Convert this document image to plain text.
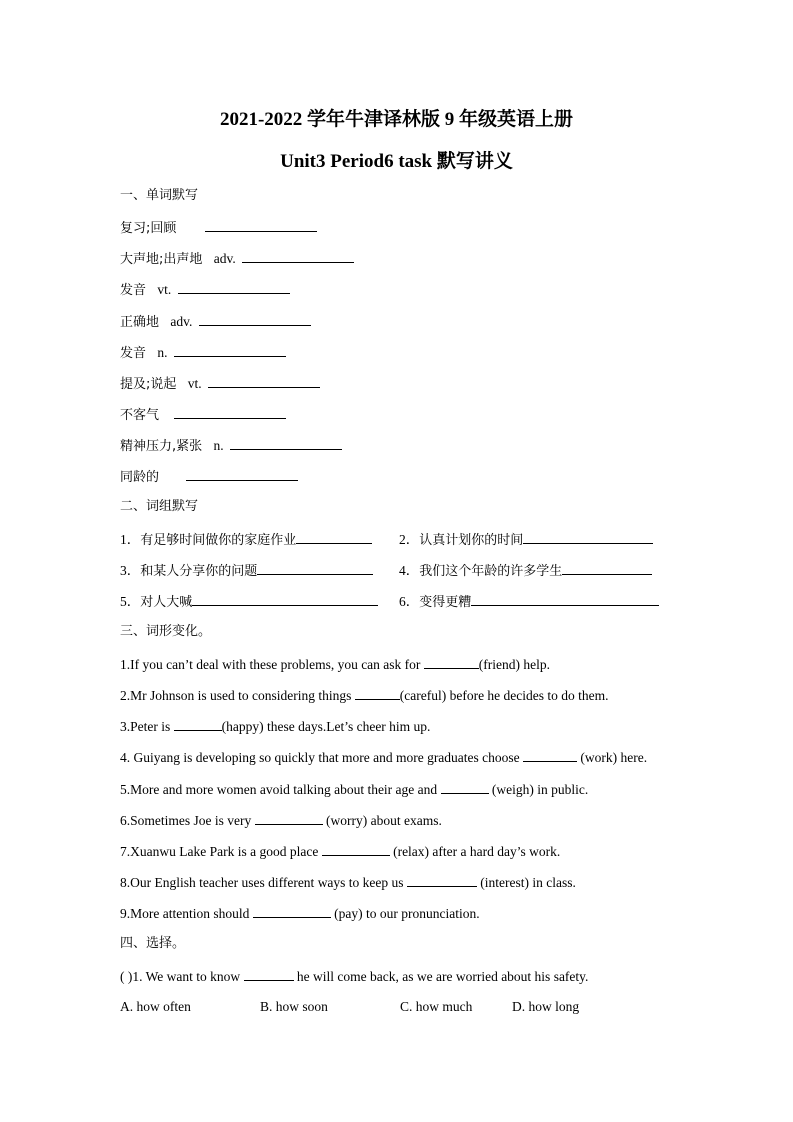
2021-2022 学年牛津译林版 9 年级英语上册
Unit3 Period6 task 默写讲义
一、单词默写
复习;回顾
大声地;出声地 adv.
发音 vt.
正确地 adv.
发音 n.
提及;说起 vt.
不客气
精神压力,紧张 n.
同龄的
二、词组默写
1．有足够时间做你的家庭作业	2．认真计划你的时间
3．和某人分享你的问题	4．我们这个年龄的许多学生
5．对人大喊	6．变得更糟
三、词形变化。
1.If you can’t deal with these problems, you can ask for	(friend) help.
2.Mr Johnson is used to considering things	(careful) before he decides to do them.
3.Peter is	(happy) these days.Let’s cheer him up.
4. Guiyang is developing so quickly that more and more graduates choose	(work) here.
5.More and more women avoid talking about their age and	(weigh) in public.
6.Sometimes Joe is very	(worry) about exams.
7.Xuanwu Lake Park is a good place	(relax) after a hard day’s work.
8.Our English teacher uses different ways to keep us	(interest) in class.
9.More attention should	(pay) to our pronunciation.
四、选择。
( )1. We want to know	he will come back, as we are worried about his safety.
A. how often	B. how soon	C. how much	D. how long
